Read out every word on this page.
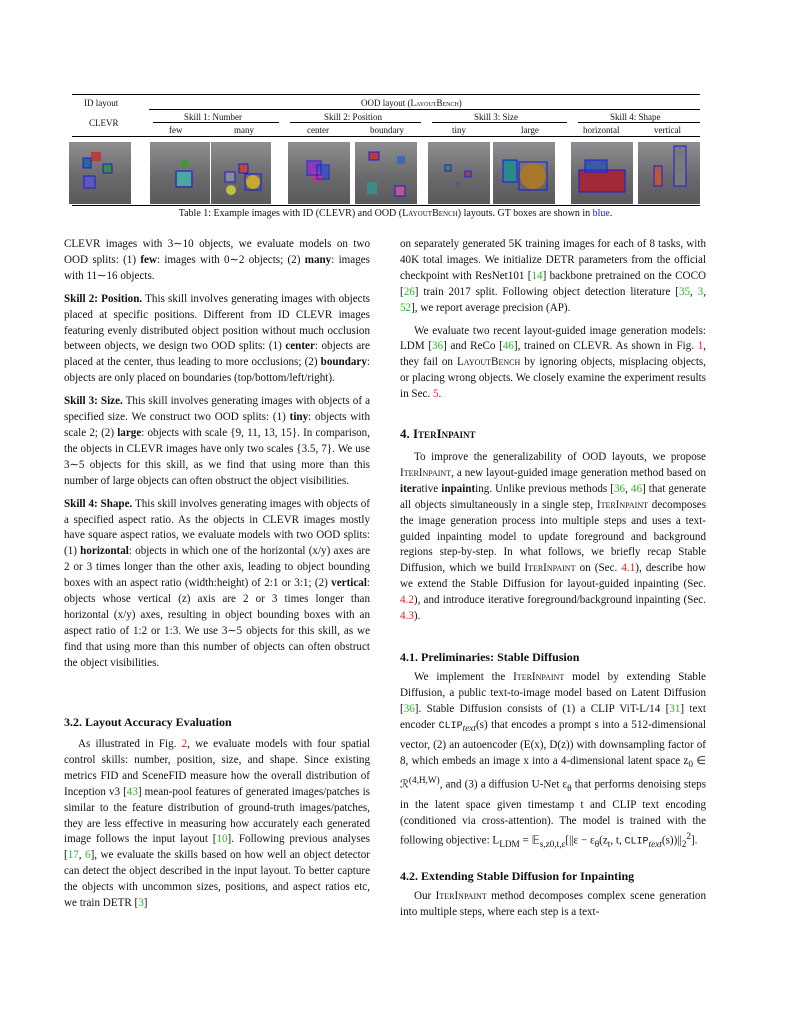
ID layout	OOD layout (LayoutBench)
CLEVR
Skill 1: Number	Skill 2: Position	Skill 3: Size	Skill 4: Shape
few	many	center	boundary	tiny	large	horizontal	vertical
Table 1: Example images with ID (CLEVR) and OOD (LayoutBench) layouts. GT boxes are shown in blue.

CLEVR images with 3∼10 objects, we evaluate models on two OOD splits: (1) few: images with 0∼2 objects; (2) many: images with 11∼16 objects.

Skill 2: Position. This skill involves generating images with objects placed at specific positions. Different from ID CLEVR images featuring evenly distributed object position without much occlusion between objects, we design two OOD splits: (1) center: objects are placed at the center, thus leading to more occlusions; (2) boundary: objects are only placed on boundaries (top/bottom/left/right).

Skill 3: Size. This skill involves generating images with objects of a specified size. We construct two OOD splits: (1) tiny: objects with scale 2; (2) large: objects with scale {9, 11, 13, 15}. In comparison, the objects in CLEVR images have only two scales {3.5, 7}. We use 3∼5 objects for this skill, as we find that using more than this number of large objects can often obstruct the object visibilities.

Skill 4: Shape. This skill involves generating images with objects of a specified aspect ratio. As the objects in CLEVR images mostly have square aspect ratios, we evaluate models with two OOD splits: (1) horizontal: objects in which one of the horizontal (x/y) axes are 2 or 3 times longer than the other axis, leading to object bounding boxes with an aspect ratio (width:height) of 2:1 or 3:1; (2) vertical: objects whose vertical (z) axis are 2 or 3 times longer than horizontal (x/y) axes, resulting in object bounding boxes with an aspect ratio of 1:2 or 1:3. We use 3∼5 objects for this skill, as we find that using more than this number of objects can often obstruct the object visibilities.

3.2. Layout Accuracy Evaluation

As illustrated in Fig. 2, we evaluate models with four spatial control skills: number, position, size, and shape. Since existing metrics FID and SceneFID measure how the overall distribution of Inception v3 [43] mean-pool features of generated images/patches is similar to the feature distribution of ground-truth images/patches, they are less effective in measuring how accurately each generated image follows the input layout [10]. Following previous analyses [17, 6], we evaluate the skills based on how well an object detector can detect the object described in the input layout. To better capture the objects with uncommon sizes, positions, and aspect ratios etc, we train DETR [3]

on separately generated 5K training images for each of 8 tasks, with 40K total images. We initialize DETR parameters from the official checkpoint with ResNet101 [14] backbone pretrained on the COCO [26] train 2017 split. Following object detection literature [35, 3, 52], we report average precision (AP).

We evaluate two recent layout-guided image generation models: LDM [36] and ReCo [46], trained on CLEVR. As shown in Fig. 1, they fail on LayoutBench by ignoring objects, misplacing objects, or placing wrong objects. We closely examine the experiment results in Sec. 5.

4. IterInpaint

To improve the generalizability of OOD layouts, we propose IterInpaint, a new layout-guided image generation method based on iterative inpainting. Unlike previous methods [36, 46] that generate all objects simultaneously in a single step, IterInpaint decomposes the image generation process into multiple steps and uses a text-guided inpainting model to update foreground and background regions step-by-step. In what follows, we briefly recap Stable Diffusion, which we build IterInpaint on (Sec. 4.1), describe how we extend the Stable Diffusion for layout-guided inpainting (Sec. 4.2), and introduce iterative foreground/background inpainting (Sec. 4.3).

4.1. Preliminaries: Stable Diffusion

We implement the IterInpaint model by extending Stable Diffusion, a public text-to-image model based on Latent Diffusion [36]. Stable Diffusion consists of (1) a CLIP ViT-L/14 [31] text encoder $CLIP_{text}(s)$ that encodes a prompt s into a 512-dimensional vector, (2) an autoencoder (E(x), D(z)) with downsampling factor of 8, which embeds an image x into a 4-dimensional latent space $z_0$ ∈ ℛ$^{(4,H,W)}$, and (3) a diffusion U-Net $\varepsilon_\theta$ that performs denoising steps in the latent space given timestamp t and CLIP text encoding (conditioned via cross-attention). The model is trained with the following objective: $L_{LDM}$ = 𝔼$_{s,z0,t,\varepsilon}$[||ε − $\varepsilon_\theta(z_t$, t, $CLIP_{text}(s))||_2^2$].

4.2. Extending Stable Diffusion for Inpainting

Our IterInpaint method decomposes complex scene generation into multiple steps, where each step is a text-
